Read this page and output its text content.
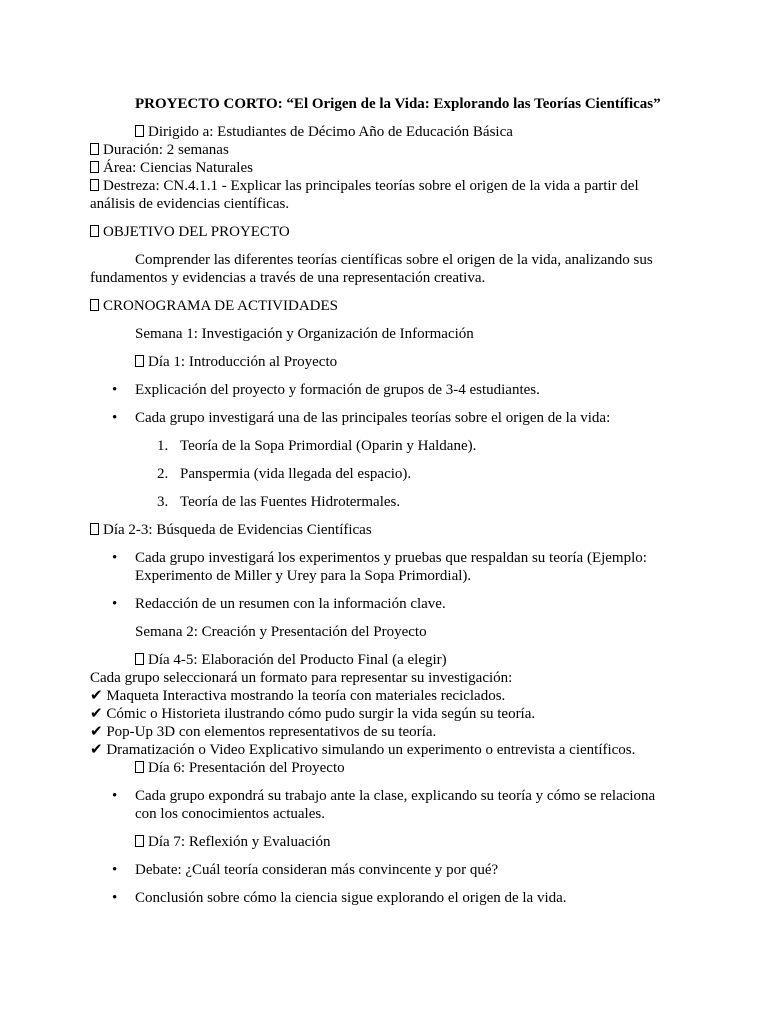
PROYECTO CORTO: “El Origen de la Vida: Explorando las Teorías Científicas”

Dirigido a: Estudiantes de Décimo Año de Educación Básica

Duración: 2 semanas

Área: Ciencias Naturales

Destreza: CN.4.1.1 - Explicar las principales teorías sobre el origen de la vida a partir del análisis de evidencias científicas.

OBJETIVO DEL PROYECTO

Comprender las diferentes teorías científicas sobre el origen de la vida, analizando sus fundamentos y evidencias a través de una representación creativa.

CRONOGRAMA DE ACTIVIDADES

Semana 1: Investigación y Organización de Información

Día 1: Introducción al Proyecto

• Explicación del proyecto y formación de grupos de 3-4 estudiantes.
• Cada grupo investigará una de las principales teorías sobre el origen de la vida:
1. Teoría de la Sopa Primordial (Oparin y Haldane).
2. Panspermia (vida llegada del espacio).
3. Teoría de las Fuentes Hidrotermales.

Día 2-3: Búsqueda de Evidencias Científicas

• Cada grupo investigará los experimentos y pruebas que respaldan su teoría (Ejemplo: Experimento de Miller y Urey para la Sopa Primordial).
• Redacción de un resumen con la información clave.

Semana 2: Creación y Presentación del Proyecto

Día 4-5: Elaboración del Producto Final (a elegir)

Cada grupo seleccionará un formato para representar su investigación:

✔ Maqueta Interactiva mostrando la teoría con materiales reciclados.

✔ Cómic o Historieta ilustrando cómo pudo surgir la vida según su teoría.

✔ Pop-Up 3D con elementos representativos de su teoría.

✔ Dramatización o Video Explicativo simulando un experimento o entrevista a científicos.

Día 6: Presentación del Proyecto

• Cada grupo expondrá su trabajo ante la clase, explicando su teoría y cómo se relaciona con los conocimientos actuales.

Día 7: Reflexión y Evaluación

• Debate: ¿Cuál teoría consideran más convincente y por qué?
• Conclusión sobre cómo la ciencia sigue explorando el origen de la vida.
